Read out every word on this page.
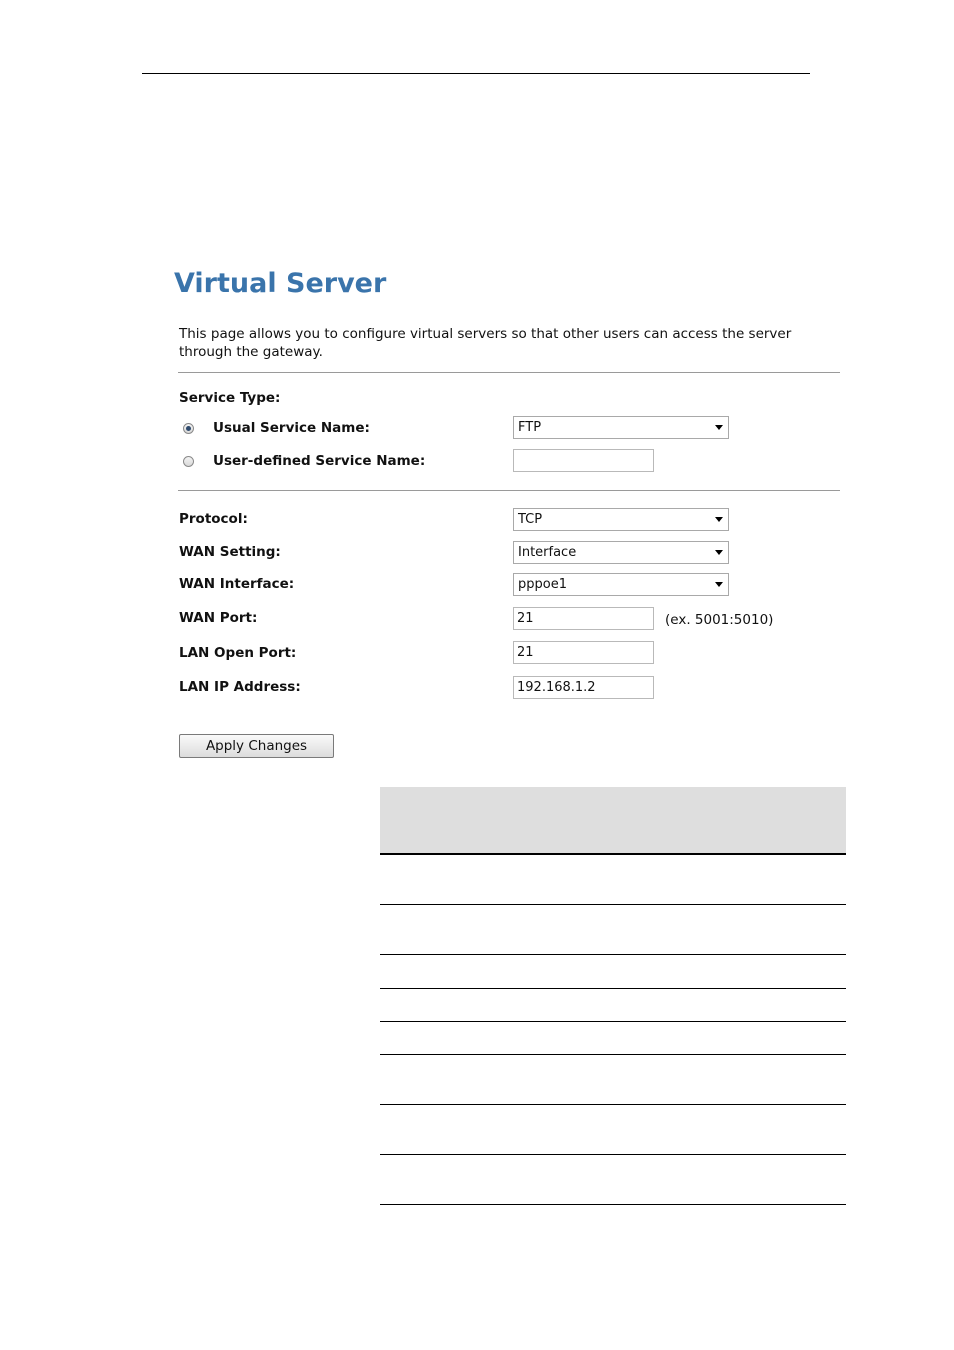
Virtual Server

This page allows you to configure virtual servers so that other users can access the server through the gateway.

Service Type:
Usual Service Name:	FTP
User-defined Service Name:
Protocol:	TCP
WAN Setting:	Interface
WAN Interface:	pppoe1
WAN Port:	21	(ex. 5001:5010)
LAN Open Port:	21
LAN IP Address:	192.168.1.2
Apply Changes
